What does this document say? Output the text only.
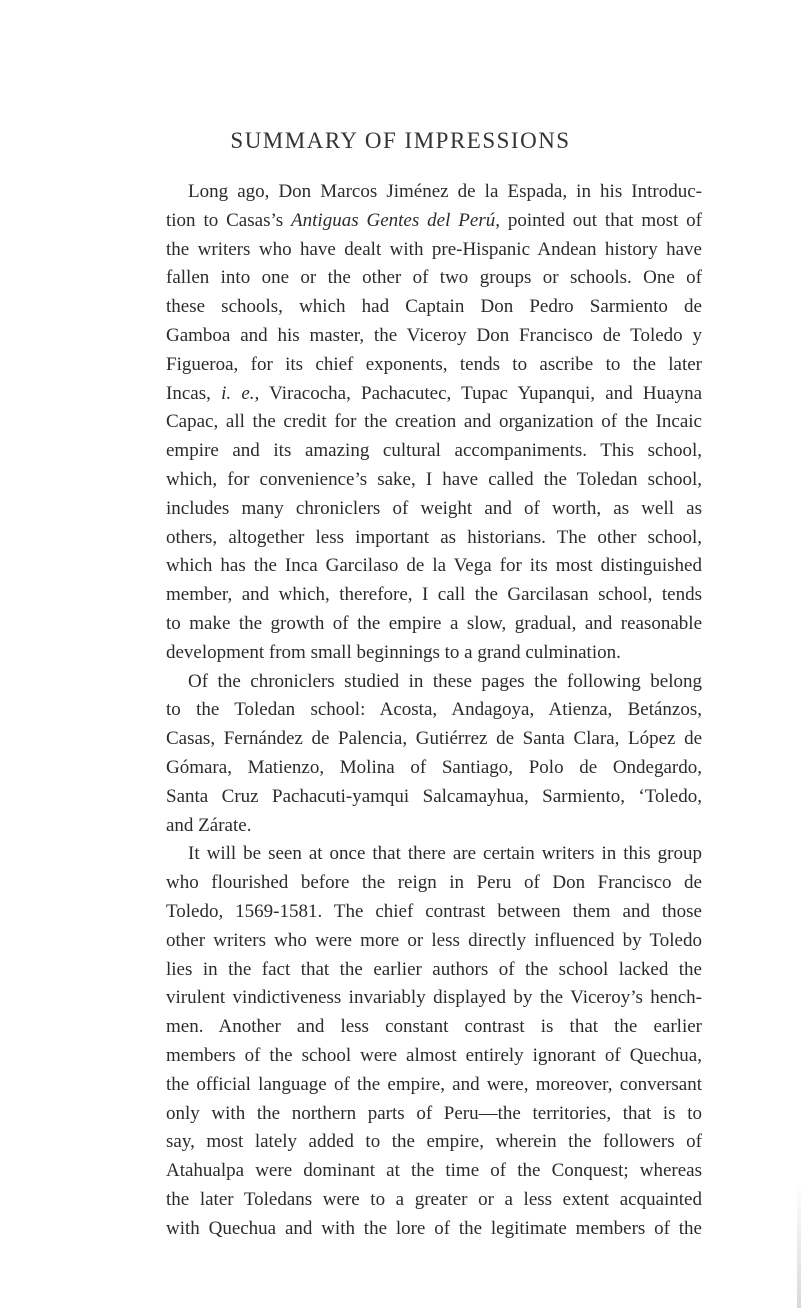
SUMMARY OF IMPRESSIONS
Long ago, Don Marcos Jiménez de la Espada, in his Introduc-
tion to Casas’s Antiguas Gentes del Perú, pointed out that most of
the writers who have dealt with pre-Hispanic Andean history have
fallen into one or the other of two groups or schools. One of
these schools, which had Captain Don Pedro Sarmiento de
Gamboa and his master, the Viceroy Don Francisco de Toledo y
Figueroa, for its chief exponents, tends to ascribe to the later
Incas, i. e., Viracocha, Pachacutec, Tupac Yupanqui, and Huayna
Capac, all the credit for the creation and organization of the Incaic
empire and its amazing cultural accompaniments. This school,
which, for convenience’s sake, I have called the Toledan school,
includes many chroniclers of weight and of worth, as well as
others, altogether less important as historians. The other school,
which has the Inca Garcilaso de la Vega for its most distinguished
member, and which, therefore, I call the Garcilasan school, tends
to make the growth of the empire a slow, gradual, and reasonable
development from small beginnings to a grand culmination.
Of the chroniclers studied in these pages the following belong
to the Toledan school: Acosta, Andagoya, Atienza, Betánzos,
Casas, Fernández de Palencia, Gutiérrez de Santa Clara, López de
Gómara, Matienzo, Molina of Santiago, Polo de Ondegardo,
Santa Cruz Pachacuti-yamqui Salcamayhua, Sarmiento, ‘Toledo,
and Zárate.
It will be seen at once that there are certain writers in this group
who flourished before the reign in Peru of Don Francisco de
Toledo, 1569-1581. The chief contrast between them and those
other writers who were more or less directly influenced by Toledo
lies in the fact that the earlier authors of the school lacked the
virulent vindictiveness invariably displayed by the Viceroy’s hench-
men. Another and less constant contrast is that the earlier
members of the school were almost entirely ignorant of Quechua,
the official language of the empire, and were, moreover, conversant
only with the northern parts of Peru—the territories, that is to
say, most lately added to the empire, wherein the followers of
Atahualpa were dominant at the time of the Conquest; whereas
the later Toledans were to a greater or a less extent acquainted
with Quechua and with the lore of the legitimate members of the
